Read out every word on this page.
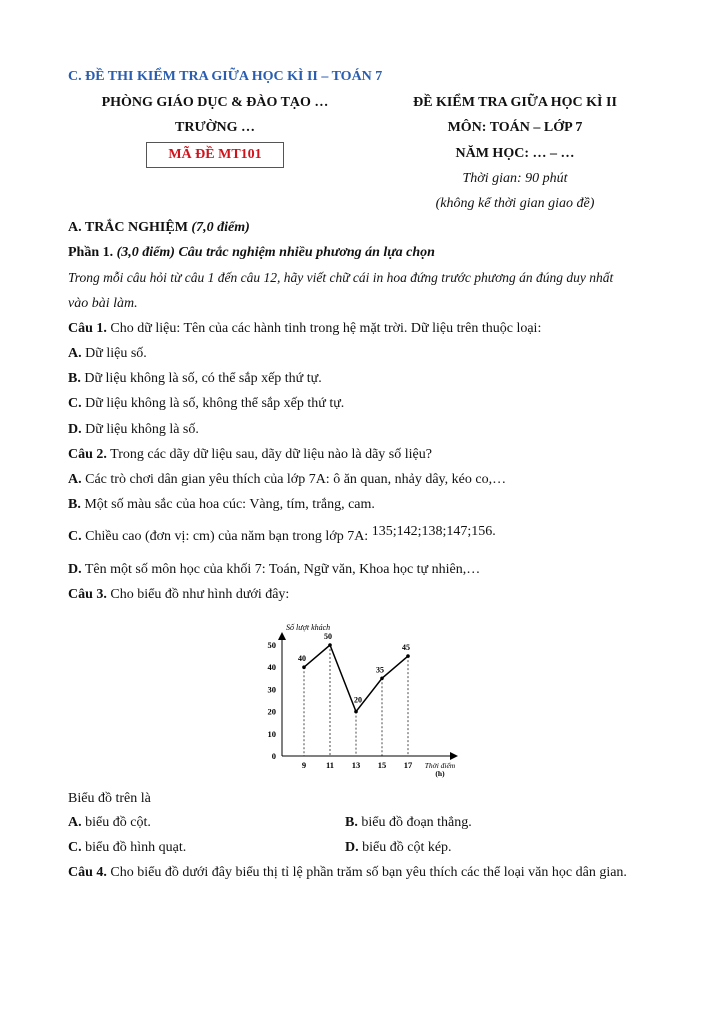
C. ĐỀ THI KIỂM TRA GIỮA HỌC KÌ II – TOÁN 7
PHÒNG GIÁO DỤC & ĐÀO TẠO …
TRƯỜNG …
MÃ ĐỀ MT101
ĐỀ KIỂM TRA GIỮA HỌC KÌ II
MÔN: TOÁN – LỚP 7
NĂM HỌC: … – …
Thời gian: 90 phút
(không kể thời gian giao đề)
A. TRẮC NGHIỆM (7,0 điểm)
Phần 1. (3,0 điểm) Câu trắc nghiệm nhiều phương án lựa chọn
Trong mỗi câu hỏi từ câu 1 đến câu 12, hãy viết chữ cái in hoa đứng trước phương án đúng duy nhất
vào bài làm.
Câu 1. Cho dữ liệu: Tên của các hành tinh trong hệ mặt trời. Dữ liệu trên thuộc loại:
A. Dữ liệu số.
B. Dữ liệu không là số, có thể sắp xếp thứ tự.
C. Dữ liệu không là số, không thể sắp xếp thứ tự.
D. Dữ liệu không là số.
Câu 2. Trong các dãy dữ liệu sau, dãy dữ liệu nào là dãy số liệu?
A. Các trò chơi dân gian yêu thích của lớp 7A: ô ăn quan, nhảy dây, kéo co,…
B. Một số màu sắc của hoa cúc: Vàng, tím, trắng, cam.
C. Chiều cao (đơn vị: cm) của năm bạn trong lớp 7A: 135;142;138;147;156.
D. Tên một số môn học của khối 7: Toán, Ngữ văn, Khoa học tự nhiên,…
Câu 3. Cho biểu đồ như hình dưới đây:
Số lượt khách
Thời điểm
(h)
0
10
20
30
40
50
9 11 13 15 17
40
50
20
35
45
Biểu đồ trên là
A. biểu đồ cột.	B. biểu đồ đoạn thẳng.
C. biểu đồ hình quạt.	D. biểu đồ cột kép.
Câu 4. Cho biểu đồ dưới đây biểu thị tỉ lệ phần trăm số bạn yêu thích các thể loại văn học dân gian.
